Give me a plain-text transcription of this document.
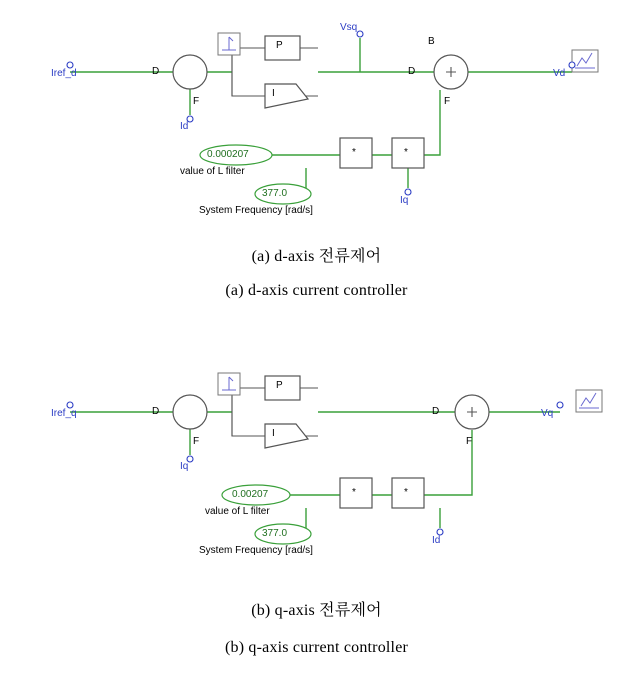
Iref_d	D
F
Id
P
I
Vsq
B
D
F
Vd
0.000207
value of L filter
377.0
System Frequency [rad/s]
*	*
Iq
(a) d-axis 전류제어
(a) d-axis current controller
Iref_q	D
F
Iq
P
I
D
F
Vq
0.00207
value of L filter
377.0
System Frequency [rad/s]
*	*
Id
(b) q-axis 전류제어
(b) q-axis current controller
